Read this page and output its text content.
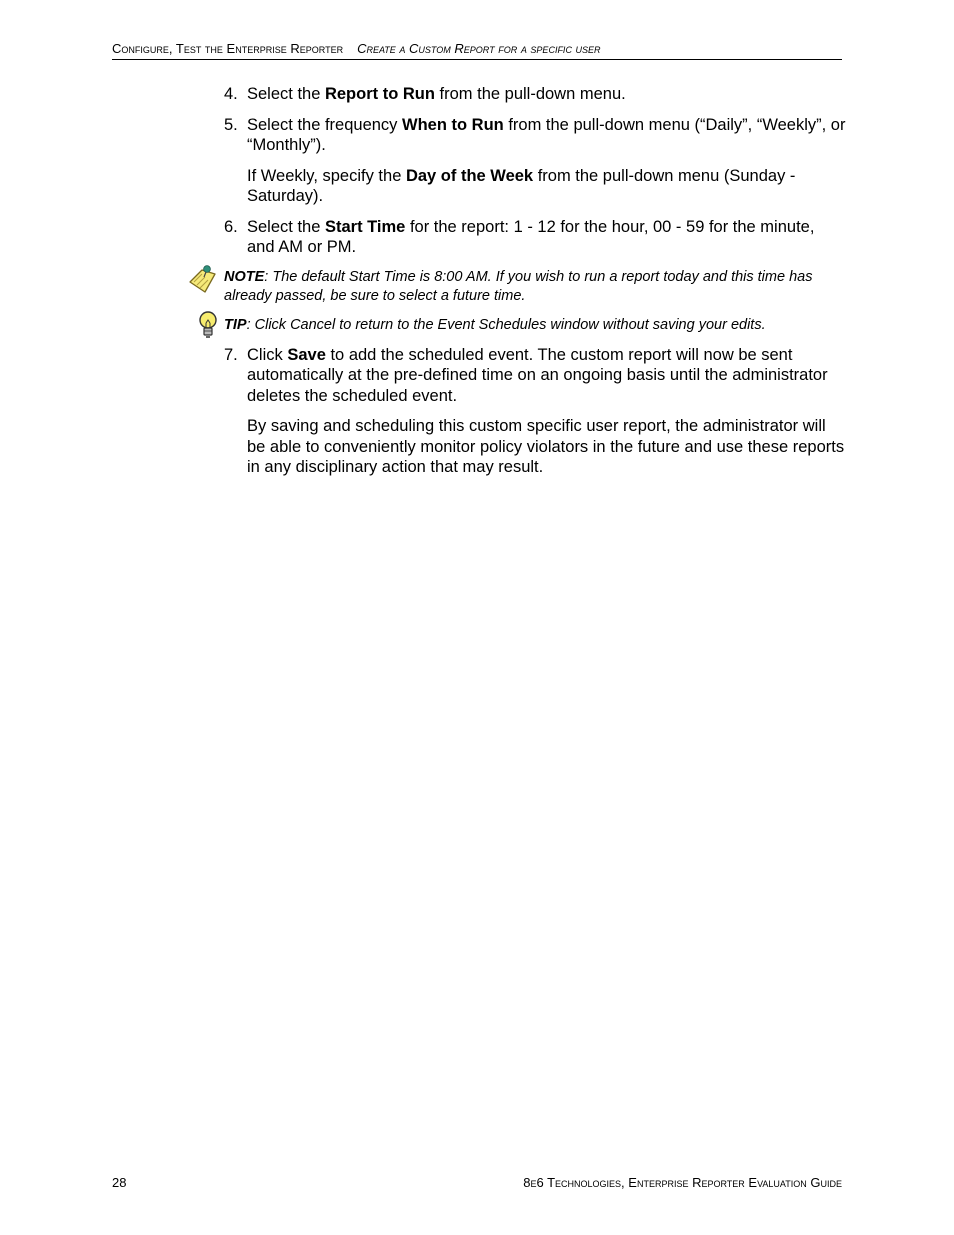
Configure, Test the Enterprise Reporter Create a Custom Report for a specific user
4. Select the Report to Run from the pull-down menu.

5. Select the frequency When to Run from the pull-down menu (“Daily”, “Weekly”, or “Monthly”).

If Weekly, specify the Day of the Week from the pull-down menu (Sunday - Saturday).

6. Select the Start Time for the report: 1 - 12 for the hour, 00 - 59 for the minute, and AM or PM.

NOTE: The default Start Time is 8:00 AM. If you wish to run a report today and this time has already passed, be sure to select a future time.
TIP: Click Cancel to return to the Event Schedules window without saving your edits.
7. Click Save to add the scheduled event. The custom report will now be sent automatically at the pre-defined time on an ongoing basis until the administrator deletes the scheduled event.

By saving and scheduling this custom specific user report, the administrator will be able to conveniently monitor policy violators in the future and use these reports in any disciplinary action that may result.

28	8e6 Technologies, Enterprise Reporter Evaluation Guide
